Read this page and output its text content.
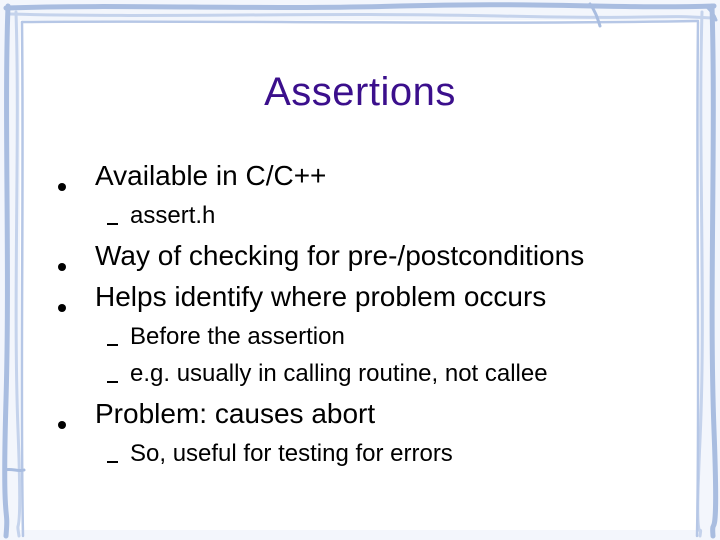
Assertions
Available in C/C++
assert.h
Way of checking for pre-/postconditions
Helps identify where problem occurs
Before the assertion
e.g. usually in calling routine, not callee
Problem: causes abort
So, useful for testing for errors
